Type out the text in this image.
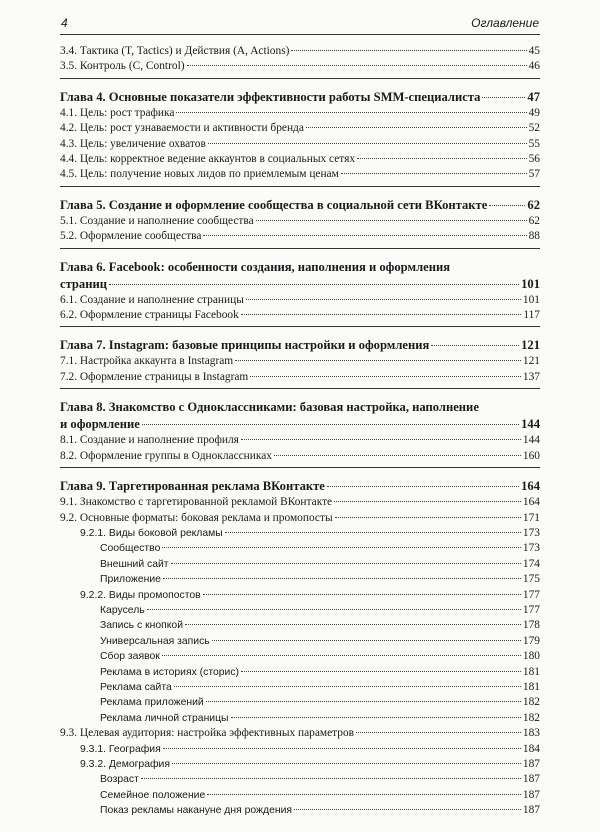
4	Оглавление
3.4. Тактика (T, Tactics) и Действия (A, Actions)	45
3.5. Контроль (C, Control)	46
Глава 4. Основные показатели эффективности работы SMM-специалиста	47
4.1. Цель: рост трафика	49
4.2. Цель: рост узнаваемости и активности бренда	52
4.3. Цель: увеличение охватов	55
4.4. Цель: корректное ведение аккаунтов в социальных сетях	56
4.5. Цель: получение новых лидов по приемлемым ценам	57
Глава 5. Создание и оформление сообщества в социальной сети ВКонтакте	62
5.1. Создание и наполнение сообщества	62
5.2. Оформление сообщества	88
Глава 6. Facebook: особенности создания, наполнения и оформления
страниц	101
6.1. Создание и наполнение страницы	101
6.2. Оформление страницы Facebook	117
Глава 7. Instagram: базовые принципы настройки и оформления	121
7.1. Настройка аккаунта в Instagram	121
7.2. Оформление страницы в Instagram	137
Глава 8. Знакомство с Одноклассниками: базовая настройка, наполнение
и оформление	144
8.1. Создание и наполнение профиля	144
8.2. Оформление группы в Одноклассниках	160
Глава 9. Таргетированная реклама ВКонтакте	164
9.1. Знакомство с таргетированной рекламой ВКонтакте	164
9.2. Основные форматы: боковая реклама и промопосты	171
9.2.1. Виды боковой рекламы	173
Сообщество	173
Внешний сайт	174
Приложение	175
9.2.2. Виды промопостов	177
Карусель	177
Запись с кнопкой	178
Универсальная запись	179
Сбор заявок	180
Реклама в историях (сторис)	181
Реклама сайта	181
Реклама приложений	182
Реклама личной страницы	182
9.3. Целевая аудитория: настройка эффективных параметров	183
9.3.1. География	184
9.3.2. Демография	187
Возраст	187
Семейное положение	187
Показ рекламы накануне дня рождения	187
